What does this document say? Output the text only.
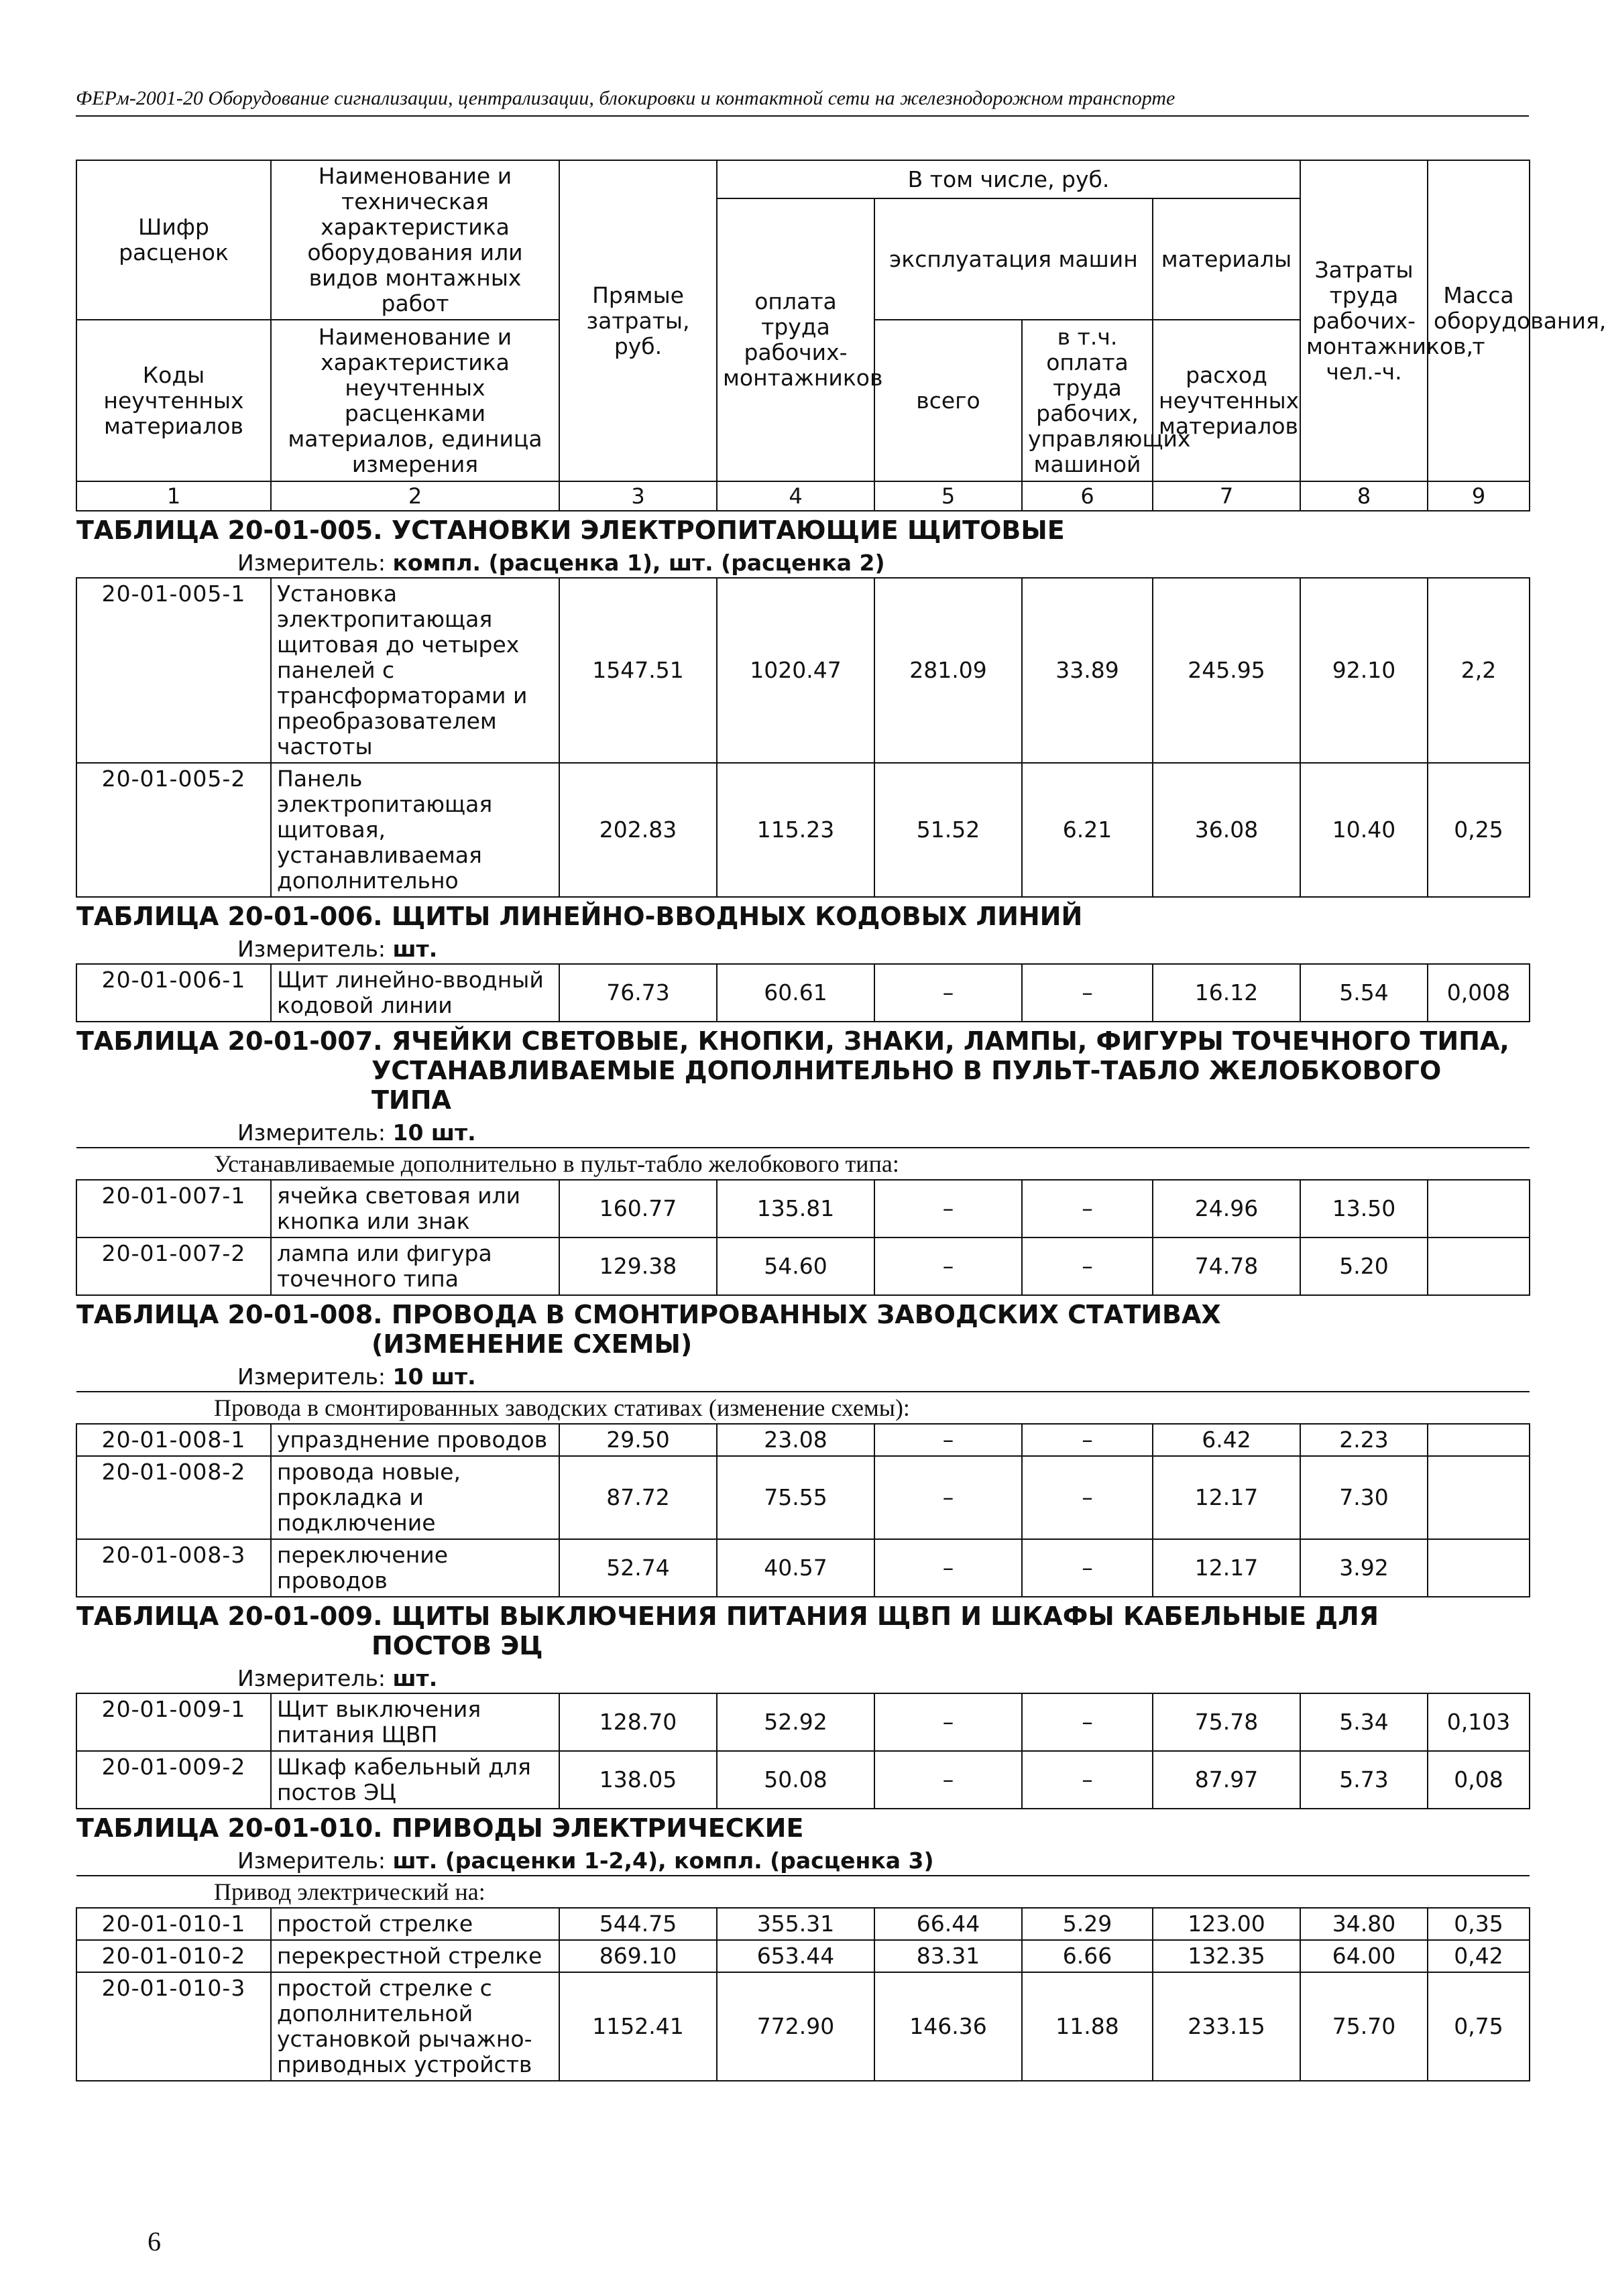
ФЕРм-2001-20 Оборудование сигнализации, централизации, блокировки и контактной сети на железнодорожном транспорте
Шифр расценок	Наименование и техническая характеристика оборудования или видов монтажных работ	Прямые затраты, руб.	В том числе, руб.				Затраты труда рабочих-монтажников, чел.-ч.	Масса оборудования, т
			оплата труда рабочих-монтажников	эксплуатация машин		материалы		
Коды неучтенных материалов	Наименование и характеристика неучтенных расценками материалов, единица измерения			всего	в т.ч. оплата труда рабочих, управляющих машиной	расход неучтенных материалов		

1	2	3	4	5	6	7	8	9

ТАБЛИЦА 20-01-005. УСТАНОВКИ ЭЛЕКТРОПИТАЮЩИЕ ЩИТОВЫЕ
Измеритель: компл. (расценка 1), шт. (расценка 2)								

20-01-005-1	Установка электропитающая щитовая до четырех панелей с трансформаторами и преобразователем частоты	1547.51	1020.47	281.09	33.89	245.95	92.10	2,2
20-01-005-2	Панель электропитающая щитовая, устанавливаемая дополнительно	202.83	115.23	51.52	6.21	36.08	10.40	0,25

ТАБЛИЦА 20-01-006. ЩИТЫ ЛИНЕЙНО-ВВОДНЫХ КОДОВЫХ ЛИНИЙ
Измеритель: шт.								

20-01-006-1	Щит линейно-вводный кодовой линии	76.73	60.61	–	–	16.12	5.54	0,008

ТАБЛИЦА 20-01-007. ЯЧЕЙКИ СВЕТОВЫЕ, КНОПКИ, ЗНАКИ, ЛАМПЫ, ФИГУРЫ ТОЧЕЧНОГО ТИПА,
УСТАНАВЛИВАЕМЫЕ ДОПОЛНИТЕЛЬНО В ПУЛЬТ-ТАБЛО ЖЕЛОБКОВОГО ТИПА
Измеритель: 10 шт.								

Устанавливаемые дополнительно в пульт-табло желобкового типа:								
20-01-007-1	ячейка световая или кнопка или знак	160.77	135.81	–	–	24.96	13.50	
20-01-007-2	лампа или фигура точечного типа	129.38	54.60	–	–	74.78	5.20	

ТАБЛИЦА 20-01-008. ПРОВОДА В СМОНТИРОВАННЫХ ЗАВОДСКИХ СТАТИВАХ
(ИЗМЕНЕНИЕ СХЕМЫ)
Измеритель: 10 шт.								

Провода в смонтированных заводских стативах (изменение схемы):								
20-01-008-1	упразднение проводов	29.50	23.08	–	–	6.42	2.23	
20-01-008-2	провода новые, прокладка и подключение	87.72	75.55	–	–	12.17	7.30	
20-01-008-3	переключение проводов	52.74	40.57	–	–	12.17	3.92	

ТАБЛИЦА 20-01-009. ЩИТЫ ВЫКЛЮЧЕНИЯ ПИТАНИЯ ЩВП И ШКАФЫ КАБЕЛЬНЫЕ ДЛЯ
ПОСТОВ ЭЦ
Измеритель: шт.								

20-01-009-1	Щит выключения питания ЩВП	128.70	52.92	–	–	75.78	5.34	0,103
20-01-009-2	Шкаф кабельный для постов ЭЦ	138.05	50.08	–	–	87.97	5.73	0,08

ТАБЛИЦА 20-01-010. ПРИВОДЫ ЭЛЕКТРИЧЕСКИЕ
Измеритель: шт. (расценки 1-2,4), компл. (расценка 3)								

Привод электрический на:								
20-01-010-1	простой стрелке	544.75	355.31	66.44	5.29	123.00	34.80	0,35
20-01-010-2	перекрестной стрелке	869.10	653.44	83.31	6.66	132.35	64.00	0,42
20-01-010-3	простой стрелке с дополнительной установкой рычажно-приводных устройств	1152.41	772.90	146.36	11.88	233.15	75.70	0,75
6
